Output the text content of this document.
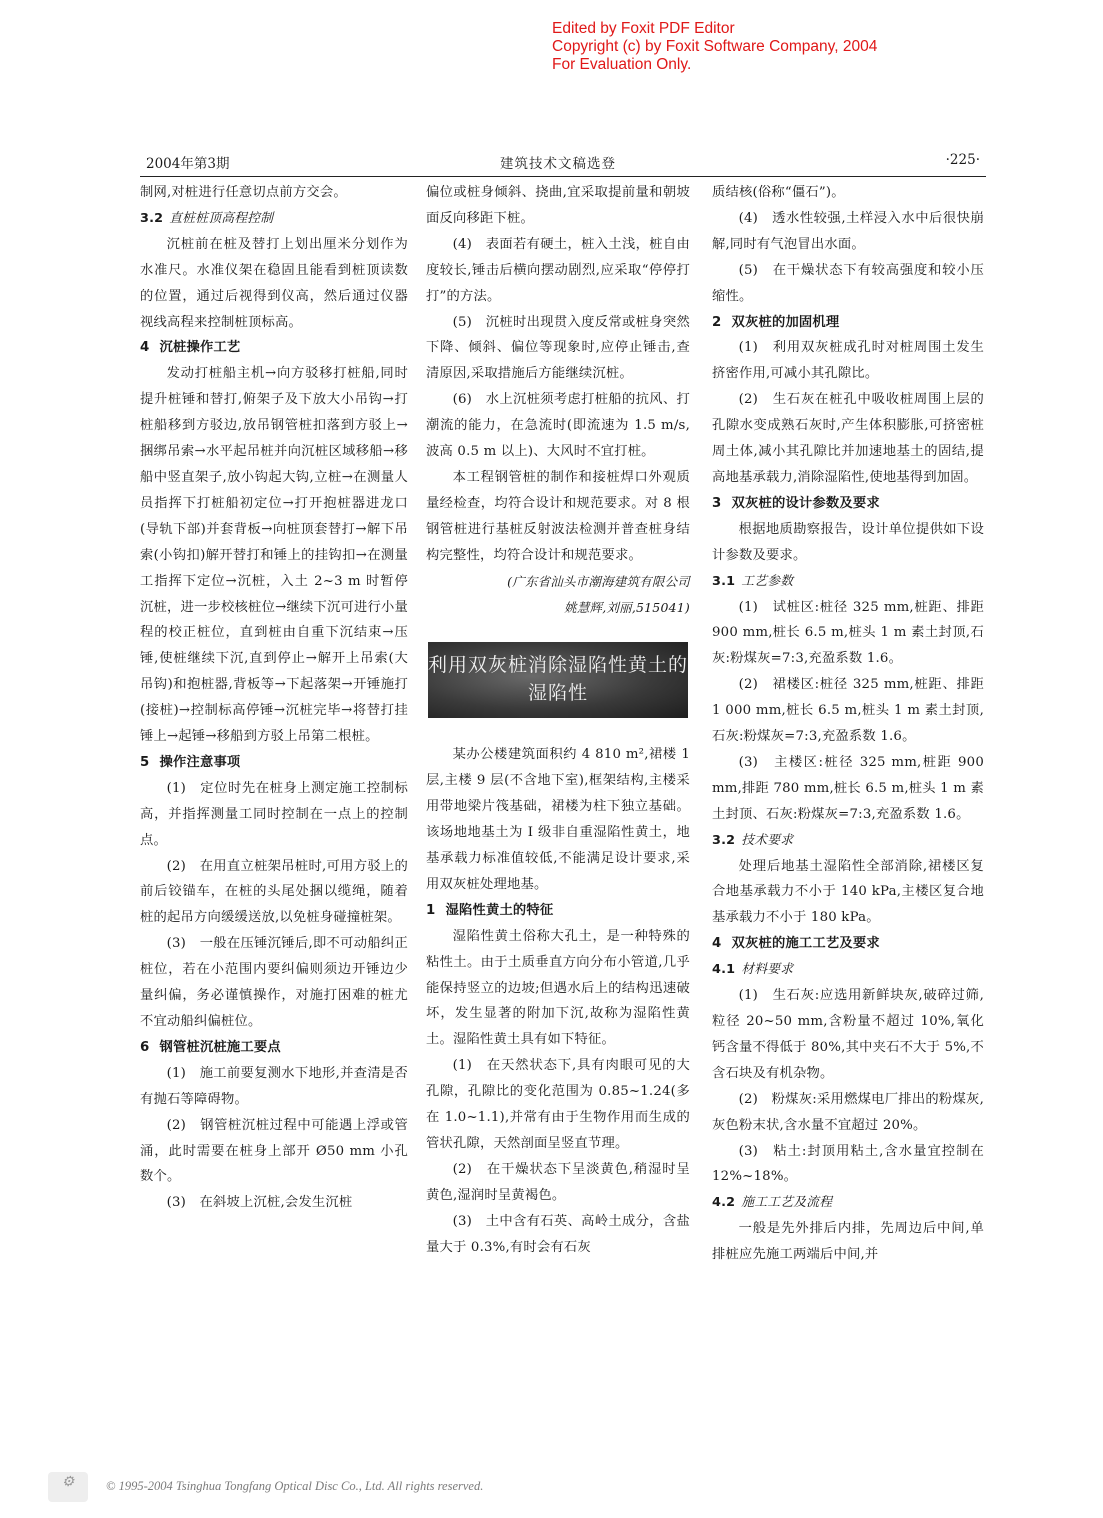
Edited by Foxit PDF Editor
Copyright (c) by Foxit Software Company, 2004
For Evaluation Only.
2004年第3期	建筑技术文稿选登	·225·

制网,对桩进行任意切点前方交会。

3.2 直桩桩顶高程控制

沉桩前在桩及替打上划出厘米分划作为水准尺。水准仪架在稳固且能看到桩顶读数的位置，通过后视得到仪高，然后通过仪器视线高程来控制桩顶标高。

4 沉桩操作工艺

发动打桩船主机→向方驳移打桩船,同时提升桩锤和替打,俯架子及下放大小吊钩→打桩船移到方驳边,放吊钢管桩扣落到方驳上→捆绑吊索→水平起吊桩并向沉桩区域移船→移船中竖直架子,放小钩起大钩,立桩→在测量人员指挥下打桩船初定位→打开抱桩器进龙口(导轨下部)并套背板→向桩顶套替打→解下吊索(小钩扣)解开替打和锤上的挂钩扣→在测量工指挥下定位→沉桩，入土 2~3 m 时暂停沉桩，进一步校核桩位→继续下沉可进行小量程的校正桩位，直到桩由自重下沉结束→压锤,使桩继续下沉,直到停止→解开上吊索(大吊钩)和抱桩器,背板等→下起落架→开锤施打(接桩)→控制标高停锤→沉桩完毕→将替打挂锤上→起锤→移船到方驳上吊第二根桩。

5 操作注意事项

(1)　定位时先在桩身上测定施工控制标高，并指挥测量工同时控制在一点上的控制点。

(2)　在用直立桩架吊桩时,可用方驳上的前后铰锚车，在桩的头尾处捆以缆绳，随着桩的起吊方向缓缓送放,以免桩身碰撞桩架。

(3)　一般在压锤沉锤后,即不可动船纠正桩位，若在小范围内要纠偏则须边开锤边少量纠偏，务必谨慎操作，对施打困难的桩尤不宜动船纠偏桩位。

6 钢管桩沉桩施工要点

(1)　施工前要复测水下地形,并查清是否有抛石等障碍物。

(2)　钢管桩沉桩过程中可能遇上浮或管涌，此时需要在桩身上部开 Ø50 mm 小孔数个。

(3)　在斜坡上沉桩,会发生沉桩

偏位或桩身倾斜、挠曲,宜采取提前量和朝坡面反向移距下桩。

(4)　表面若有硬土，桩入土浅，桩自由度较长,锤击后横向摆动剧烈,应采取“停停打打”的方法。

(5)　沉桩时出现贯入度反常或桩身突然下降、倾斜、偏位等现象时,应停止锤击,查清原因,采取措施后方能继续沉桩。

(6)　水上沉桩须考虑打桩船的抗风、打潮流的能力，在急流时(即流速为 1.5 m/s,波高 0.5 m 以上)、大风时不宜打桩。

本工程钢管桩的制作和接桩焊口外观质量经检查，均符合设计和规范要求。对 8 根钢管桩进行基桩反射波法检测并普查桩身结构完整性，均符合设计和规范要求。

(广东省汕头市潮海建筑有限公司

姚慧辉,刘丽,515041)

利用双灰桩消除湿陷性黄土的
湿陷性

某办公楼建筑面积约 4 810 m²,裙楼 1 层,主楼 9 层(不含地下室),框架结构,主楼采用带地梁片筏基础，裙楼为柱下独立基础。该场地地基土为 I 级非自重湿陷性黄土，地基承载力标准值较低,不能满足设计要求,采用双灰桩处理地基。

1 湿陷性黄土的特征

湿陷性黄土俗称大孔土，是一种特殊的粘性土。由于土质垂直方向分布小管道,几乎能保持竖立的边坡;但遇水后上的结构迅速破坏，发生显著的附加下沉,故称为湿陷性黄土。湿陷性黄土具有如下特征。

(1)　在天然状态下,具有肉眼可见的大孔隙，孔隙比的变化范围为 0.85~1.24(多在 1.0~1.1),并常有由于生物作用而生成的管状孔隙，天然剖面呈竖直节理。

(2)　在干燥状态下呈淡黄色,稍湿时呈黄色,湿润时呈黄褐色。

(3)　土中含有石英、高岭土成分，含盐量大于 0.3%,有时会有石灰

质结核(俗称“僵石”)。

(4)　透水性较强,土样浸入水中后很快崩解,同时有气泡冒出水面。

(5)　在干燥状态下有较高强度和较小压缩性。

2 双灰桩的加固机理

(1)　利用双灰桩成孔时对桩周围土发生挤密作用,可减小其孔隙比。

(2)　生石灰在桩孔中吸收桩周围上层的孔隙水变成熟石灰时,产生体积膨胀,可挤密桩周土体,减小其孔隙比并加速地基土的固结,提高地基承载力,消除湿陷性,使地基得到加固。

3 双灰桩的设计参数及要求

根据地质勘察报告，设计单位提供如下设计参数及要求。

3.1 工艺参数

(1)　试桩区:桩径 325 mm,桩距、排距 900 mm,桩长 6.5 m,桩头 1 m 素土封顶,石灰:粉煤灰=7:3,充盈系数 1.6。

(2)　裙楼区:桩径 325 mm,桩距、排距 1 000 mm,桩长 6.5 m,桩头 1 m 素土封顶,石灰:粉煤灰=7:3,充盈系数 1.6。

(3)　主楼区:桩径 325 mm,桩距 900 mm,排距 780 mm,桩长 6.5 m,桩头 1 m 素土封顶、石灰:粉煤灰=7:3,充盈系数 1.6。

3.2 技术要求

处理后地基土湿陷性全部消除,裙楼区复合地基承载力不小于 140 kPa,主楼区复合地基承载力不小于 180 kPa。

4 双灰桩的施工工艺及要求
4.1 材料要求

(1)　生石灰:应选用新鲜块灰,破碎过筛,粒径 20~50 mm,含粉量不超过 10%,氧化钙含量不得低于 80%,其中夹石不大于 5%,不含石块及有机杂物。

(2)　粉煤灰:采用燃煤电厂排出的粉煤灰,灰色粉末状,含水量不宜超过 20%。

(3)　粘土:封顶用粘土,含水量宜控制在 12%~18%。

4.2 施工工艺及流程

一般是先外排后内排，先周边后中间,单排桩应先施工两端后中间,并

⚙	© 1995-2004 Tsinghua Tongfang Optical Disc Co., Ltd. All rights reserved.
